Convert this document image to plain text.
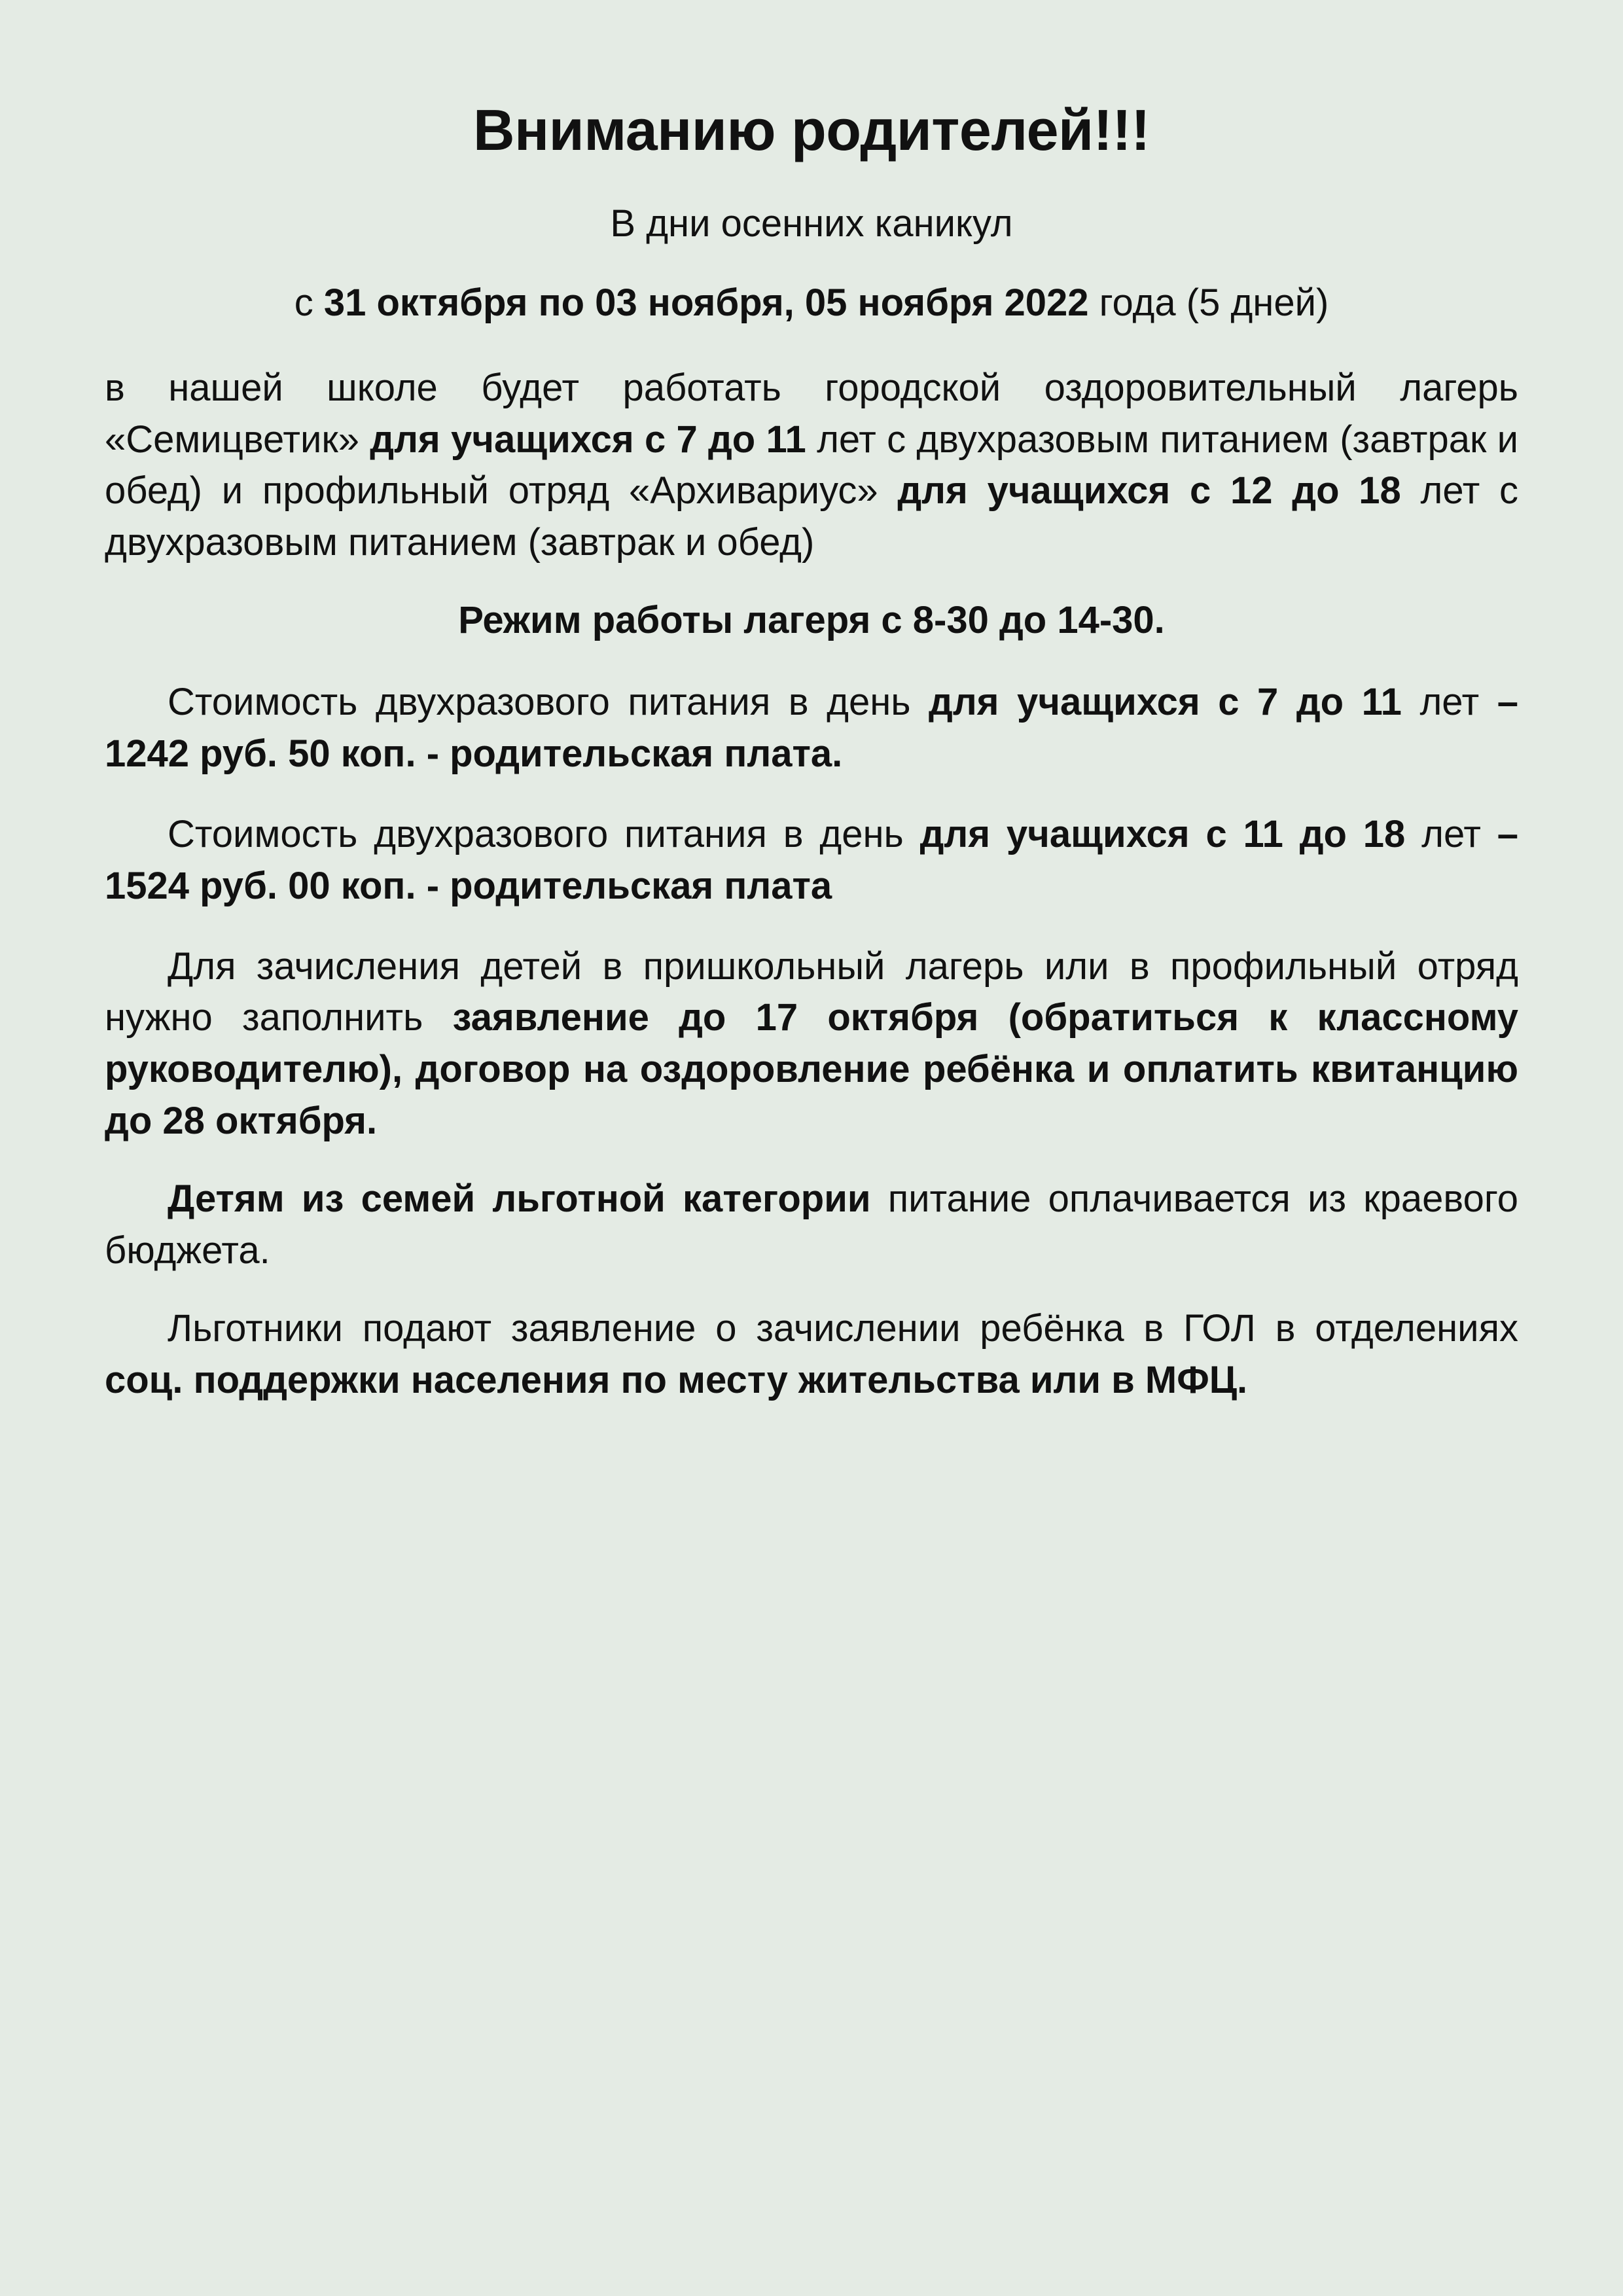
Вниманию родителей!!!

В дни осенних каникул

с 31 октября по 03 ноября, 05 ноября 2022 года (5 дней)

в нашей школе будет работать городской оздоровительный лагерь «Семицветик» для учащихся с 7 до 11 лет с двухразовым питанием (завтрак и обед) и профильный отряд «Архивариус» для учащихся с 12 до 18 лет с двухразовым питанием (завтрак и обед)

Режим работы лагеря с 8-30 до 14-30.

Стоимость двухразового питания в день для учащихся с 7 до 11 лет – 1242 руб. 50 коп. - родительская плата.

Стоимость двухразового питания в день для учащихся с 11 до 18 лет – 1524 руб. 00 коп. - родительская плата

Для зачисления детей в пришкольный лагерь или в профильный отряд нужно заполнить заявление до 17 октября (обратиться к классному руководителю), договор на оздоровление ребёнка и оплатить квитанцию до 28 октября.

Детям из семей льготной категории питание оплачивается из краевого бюджета.

Льготники подают заявление о зачислении ребёнка в ГОЛ в отделениях соц. поддержки населения по месту жительства или в МФЦ.
